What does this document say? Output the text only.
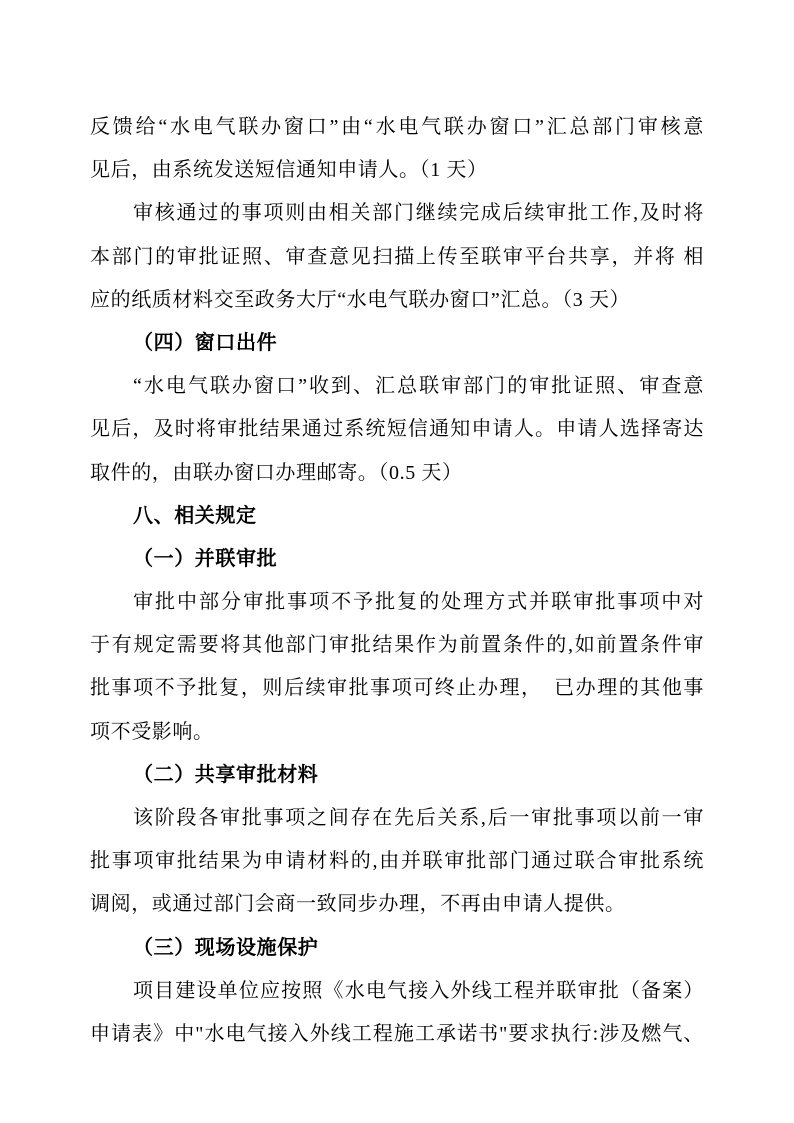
反馈给“水电气联办窗口”由“水电气联办窗口”汇总部门审核意
见后，由系统发送短信通知申请人。（1 天）
审核通过的事项则由相关部门继续完成后续审批工作,及时将
本部门的审批证照、审查意见扫描上传至联审平台共享，并将 相
应的纸质材料交至政务大厅“水电气联办窗口”汇总。（3 天）
（四）窗口出件
“水电气联办窗口”收到、汇总联审部门的审批证照、审查意
见后，及时将审批结果通过系统短信通知申请人。申请人选择寄达
取件的，由联办窗口办理邮寄。（0.5 天）
八、相关规定
（一）并联审批
审批中部分审批事项不予批复的处理方式并联审批事项中对
于有规定需要将其他部门审批结果作为前置条件的,如前置条件审
批事项不予批复，则后续审批事项可终止办理，　已办理的其他事
项不受影响。
（二）共享审批材料
该阶段各审批事项之间存在先后关系,后一审批事项以前一审
批事项审批结果为申请材料的,由并联审批部门通过联合审批系统
调阅，或通过部门会商一致同步办理，不再由申请人提供。
（三）现场设施保护
项目建设单位应按照《水电气接入外线工程并联审批（备案）
申请表》中"水电气接入外线工程施工承诺书"要求执行:涉及燃气、
